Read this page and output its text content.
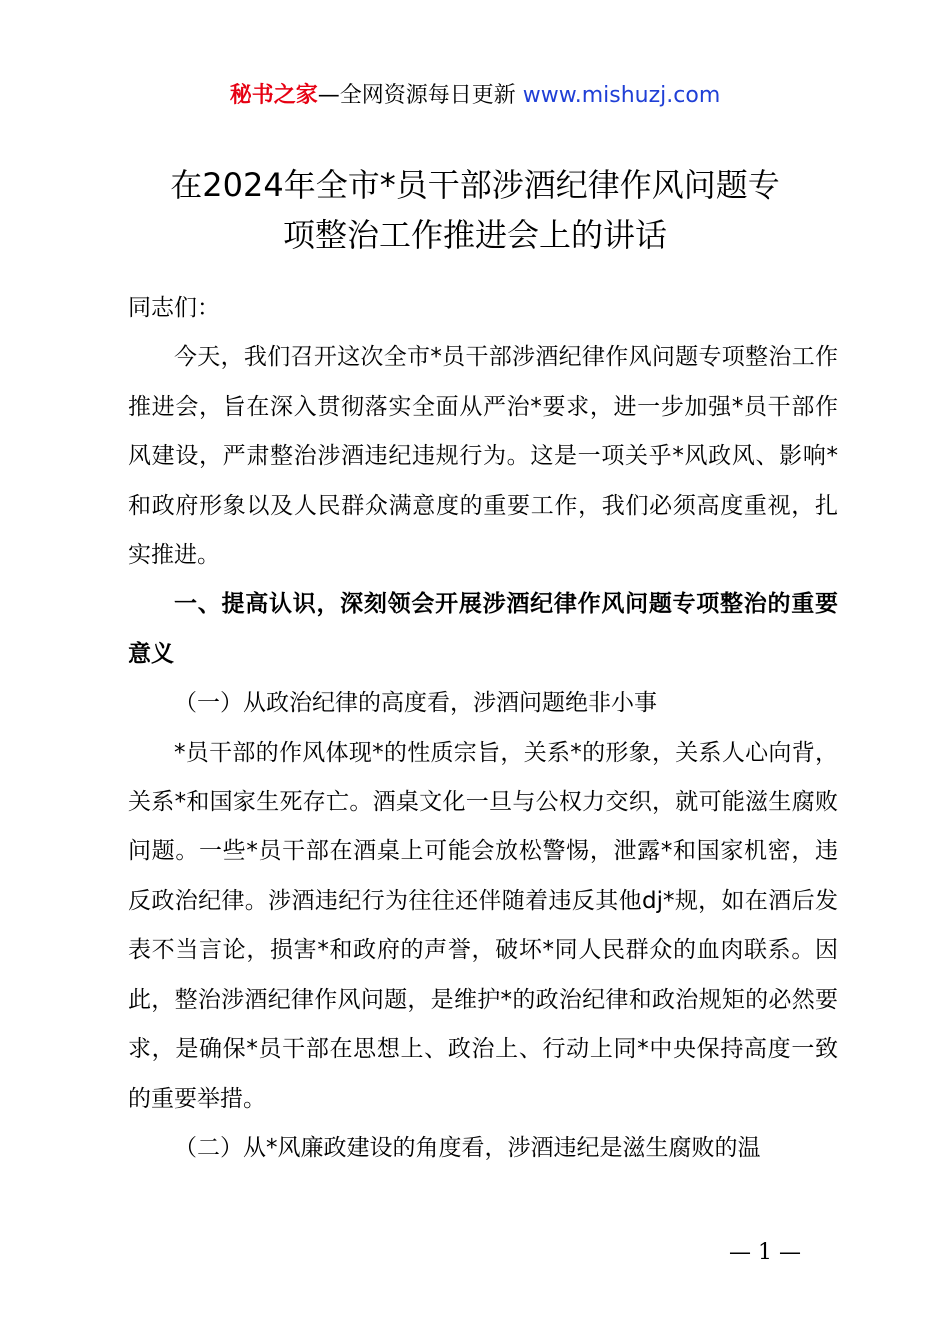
秘书之家—全网资源每日更新 www.mishuzj.com
在2024年全市*员干部涉酒纪律作风问题专
项整治工作推进会上的讲话

同志们：

今天，我们召开这次全市*员干部涉酒纪律作风问题专项整治工作推进会，旨在深入贯彻落实全面从严治*要求，进一步加强*员干部作风建设，严肃整治涉酒违纪违规行为。这是一项关乎*风政风、影响*和政府形象以及人民群众满意度的重要工作，我们必须高度重视，扎实推进。

一、提高认识，深刻领会开展涉酒纪律作风问题专项整治的重要意义

（一）从政治纪律的高度看，涉酒问题绝非小事

*员干部的作风体现*的性质宗旨，关系*的形象，关系人心向背，关系*和国家生死存亡。酒桌文化一旦与公权力交织，就可能滋生腐败问题。一些*员干部在酒桌上可能会放松警惕，泄露*和国家机密，违反政治纪律。涉酒违纪行为往往还伴随着违反其他dj*规，如在酒后发表不当言论，损害*和政府的声誉，破坏*同人民群众的血肉联系。因此，整治涉酒纪律作风问题，是维护*的政治纪律和政治规矩的必然要求，是确保*员干部在思想上、政治上、行动上同*中央保持高度一致的重要举措。

（二）从*风廉政建设的角度看，涉酒违纪是滋生腐败的温

— 1 —
